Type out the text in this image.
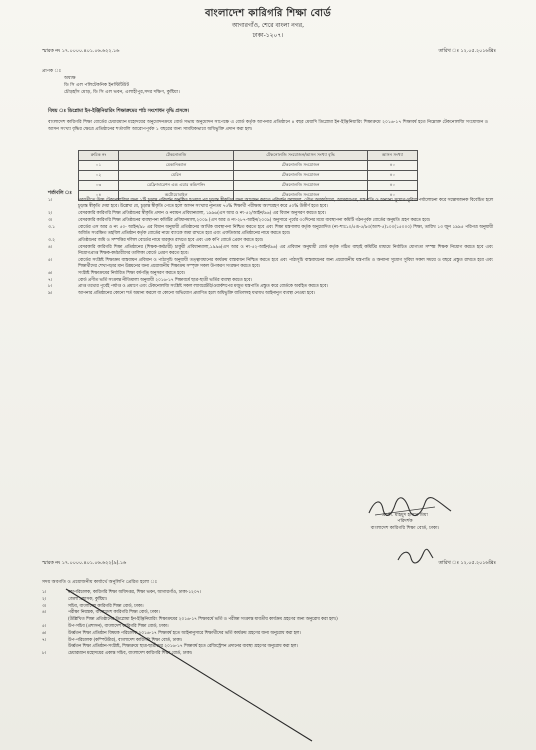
বাংলাদেশ কারিগরি শিক্ষা বোর্ড
আগারগাঁও, শেরে বাংলা নগর,
ঢাকা-১২০৭।
স্মারক নং ১৭.০০০০.৪০১.০৬.৬২২.১৬	তারিখ ঃ ১২.০৫.২০১৬খ্রিঃ
প্রাপক ঃ
অধ্যক্ষ
ডি সি এল পলিটেকনিক ইনস্টিটিউট
চৌড়হাঁস মোড়, ডি সি এল ভবন, এলাহীপুর,সদর দক্ষিণ, কুষ্টিয়া।
বিষয় ঃ ডিপ্লোমা ইন-ইঞ্জিনিয়ারিং শিক্ষাক্রমের পাঠ সংশোধন বৃদ্ধি প্রসঙ্গে।
বাংলাদেশ কারিগরি শিক্ষা বোর্ডের চেয়ারম্যান মহোদয়ের অনুমোদনক্রমে বোর্ড সভায় অনুমোদন সাপেক্ষে এ বোর্ড কর্তৃক আপনার প্রতিষ্ঠানে ৪ বছর মেয়াদি ডিপ্লোমা ইন-ইঞ্জিনিয়ারিং শিক্ষাক্রমে ২০১৬-১৭ শিক্ষাবর্ষ হতে নিম্নোক্ত টেকনোলজি সংযোজন ও আসন সংখ্যা বৃদ্ধির ক্ষেত্রে প্রতিষ্ঠানের শর্তাবলি আরোপপূর্বক ১ বছরের জন্য সাময়িকভাবে অধিভুক্তি প্রদান করা হল।
ক্রমিক নং	টেকনোলজি	টেকনোলজি সংযোজন/আসন সংখ্যা বৃদ্ধি	আসন সংখ্যা
০১	মেকানিক্যাল	টেকনোলজি সংযোজন	৪০
০২	মেরিন	টেকনোলজি সংযোজন	৪০
০৩	রেফ্রিজারেশন এন্ড এয়ার কন্ডিশনিং	টেকনোলজি সংযোজন	৪০
০৪	অটোমোবাইল	টেকনোলজি সংযোজন	৪০
শর্তাবলি ঃ
১।	পরবর্তীতে উক্ত টেকনোলজির জন্য ১টি চূড়ান্ত পরিদর্শন অনুষ্ঠিত হওয়ার পর চূড়ান্ত স্বীকৃতির জন্য আবেদন করতে পরিদর্শন ফলাফল, গৌত অবকাঠামো, আসবাবপত্র, যন্ত্রপাতি ও অন্যান্য সুযোগ-সুবিধা পর্যালোচনা করে সন্তোষজনক বিবেচিত হলে চূড়ান্ত স্বীকৃতি দেয়া হবে। উল্লেখ্য যে, চূড়ান্ত স্বীকৃতি পেতে হলে আসন সংখ্যার ন্যূনতম ৭৫% শিক্ষার্থী পরীক্ষায় অংশগ্রহণ করে ৫০% উত্তীর্ণ হতে হবে।
২।	বেসরকারি কারিগরি শিক্ষা প্রতিষ্ঠানের স্বীকৃতি প্রদান ও নবায়ন প্রবিধানমালা, ১৯৯৬(এস আর ও নং-৫২/আইন/৯৬) এর বিধান অনুসরণ করতে হবে।
৩।	বেসরকারি কারিগরি শিক্ষা প্রতিষ্ঠানের ব্যবস্থাপনা কমিটির প্রবিধানমালা,২০০৯ (এস আর ও নং-২৮৭-আইন/২০০৯) অনুসারে পূর্বের ৩০দিনের মধ্যে ব্যবস্থাপনা কমিটি গঠনপূর্বক বোর্ডের অনুমতি গ্রহণ করতে হবে।
৩.১	বোর্ডের এস আর ও নং ৫০- আইন/৯৮ এর বিধান অনুযায়ী প্রতিষ্ঠানের আর্থিক ব্যবস্থাপনা নিশ্চিত করতে হবে এবং শিক্ষা মন্ত্রণালয় কর্তৃক অনুমোদিত (নং-শাঃ১০/৫ঙ-৫/৯৩(অংশ-৫)১০০(১৫০০০) শিক্ষা, তারিখ ১৩ জুন ১৯৯৫ পরিপত্র অনুযায়ী অর্জিত সংরক্ষিত তহবিল প্রতিষ্ঠান কর্তৃক বোর্ডের নামে ব্যাংকে জমা রাখতে হবে এবং এফডিআর প্রতিষ্ঠানের নামে করতে হবে।
৩.২	প্রতিষ্ঠানের জমি ও সম্পত্তির দলিল বোর্ডের নামে ধারকৃত রাখতে হবে এবং এক কপি বোর্ডে প্রেরণ করতে হবে।
৪।	বেসরকারি কারিগরি শিক্ষা প্রতিষ্ঠানের (শিক্ষক-কর্মচারী) চাকুরী প্রবিধানমালা,১৯৯৬(এস আর ও নং-৫২-আইন/৯৬) এর প্রবিধান অনুযায়ী বোর্ড কর্তৃক গঠিত বাছাই কমিটির মাধ্যমে নির্বাচিত যোগ্যতা সম্পন্ন শিক্ষক নিয়োগ করতে হবে এবং নিয়োগপ্রাপ্ত শিক্ষক-কর্মচারীদের তালিকা বোর্ডে প্রেরণ করতে হবে।
৫।	বোর্ডের সংশ্লিষ্ট শিক্ষাক্রম বাস্তবায়ন প্রবিধান ও পাঠ্যসূচি অনুযায়ী তত্ত্বাবধানের কার্যক্রম বাস্তবায়ন নিশ্চিত করতে হবে এবং পাঠ্যসূচি বাস্তবায়নের জন্য প্রয়োজনীয় যন্ত্রপাতি ও অন্যান্য সুযোগ সুবিধা সকল সময়ে ও বছরে প্রস্তুত রাখতে হবে এবং শিক্ষার্থীদের শেখাপড়ার মান উন্নয়নের জন্য প্রয়োজনীয় শিক্ষাক্রম সম্পৃক্ত সকল উপকরণ সংরক্ষণ করতে হবে।
৬।	সংশ্লিষ্ট শিক্ষাক্রমের নির্ধারিত শিক্ষা বর্ষপঞ্জি অনুসরণ করতে হবে।
৭।	বোর্ড প্রণীত ভর্তি সংক্রান্ত নীতিমালা অনুযায়ী ২০১৬-১৭ শিক্ষাবর্ষে ছাত্র-ছাত্রী ভর্তির ব্যবস্থা করতে হবে।
৮।	প্রাপ্ত তথ্যের পূর্বেই পর্যাপ্ত ও প্রমাণে এবং টেকনোলজি সংশ্লিষ্ট সকল ল্যাবরেটরি/ওয়ার্কশপের মজুত যন্ত্রপাতি প্রস্তুত করে বোর্ডকে অবহিত করতে হবে।
৯।	আপনার প্রতিষ্ঠানের কোনো শর্ত অমান্য করলে বা কোনো অভিযোগ প্রমাণিত হলে অধিভুক্তি বাতিলসহ যথাযথ আইনানুগ ব্যবস্থা নেওয়া হবে।
প্রকৌ. মাহমুদ হাসান মিয়া
পরিদর্শক
বাংলাদেশ কারিগরি শিক্ষা বোর্ড, ঢাকা।
স্মারক নং ১৭.০০০০.৪০১.০৬.৬২২(৯).১৬	তারিখ ঃ ১২.০৫.২০১৬খ্রিঃ
সদয় অবগতি ও প্রয়োজনীয় কার্যার্থে অনুলিপি প্রেরিত হলো ঃ
১।	মহাপরিচালক, কারিগরি শিক্ষা অধিদপ্তর, শিক্ষা ভবন, আগারগাঁও, ঢাকা-১২০৭।
২।	জেলা প্রশাসক, কুষ্টিয়া।
৩।	সচিব, বাংলাদেশ কারিগরি শিক্ষা বোর্ড, ঢাকা।
৪।	পরীক্ষা নিয়ন্ত্রক, বাংলাদেশ কারিগরি শিক্ষা বোর্ড, ঢাকা।
(উল্লিখিত শিক্ষা প্রতিষ্ঠানের ডিপ্লোমা ইন-ইঞ্জিনিয়ারিং শিক্ষাক্রমের ২০১৬-১৭ শিক্ষাবর্ষে ভর্তি ও পরীক্ষা সংক্রান্ত যাবতীয় কার্যক্রম গ্রহণের জন্য অনুরোধ করা হল।)
৫।	উপ-সচিব (প্রশাসন), বাংলাদেশ কারিগরি শিক্ষা বোর্ড, ঢাকা।
৬।	উর্ধ্বতন শিক্ষা প্রতিষ্ঠান বিষয়ক পরিচালক ২০১৬-১৭ শিক্ষাবর্ষ হতে আইনানুসারে শিক্ষার্থীদের ভর্তি কার্যক্রম গ্রহণের জন্য অনুরোধ করা হল।
৭।	উপ-পরিচালক (কম্পিউটার), বাংলাদেশ কারিগরি শিক্ষা বোর্ড, ঢাকা।
উর্ধ্বতন শিক্ষা প্রতিষ্ঠান-সংশ্লিষ্ট, শিক্ষাক্রমে ছাত্র-ছাত্রীদের ২০১৬-১৭ শিক্ষাবর্ষ হতে রেজিস্ট্রেশন প্রদানের ব্যবস্থা গ্রহণের অনুরোধ করা হল।
৮।	চেয়ারম্যান মহোদয়ের একান্ত সচিব, বাংলাদেশ কারিগরি শিক্ষা বোর্ড, ঢাকা।
